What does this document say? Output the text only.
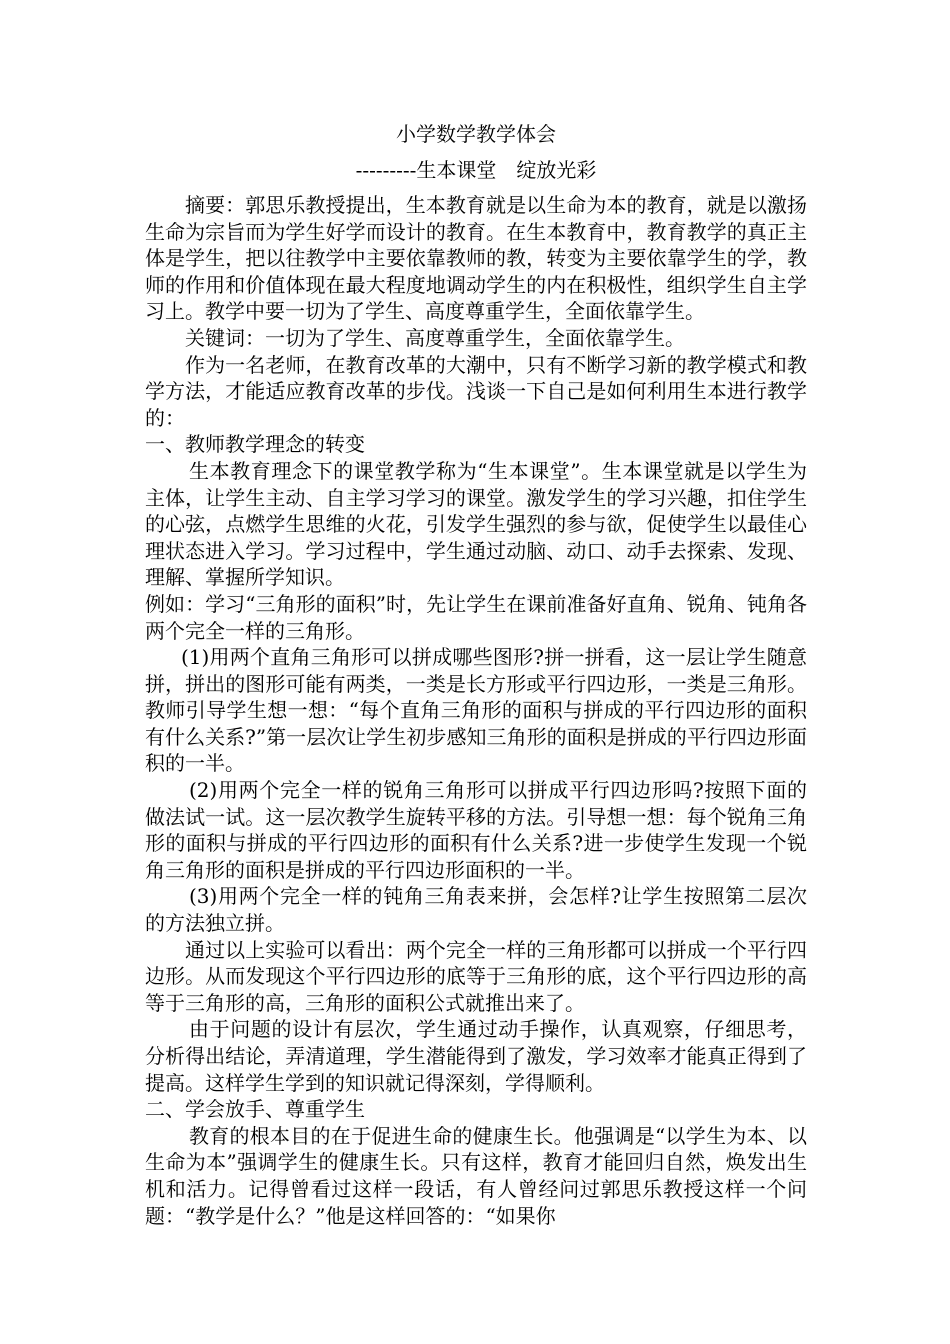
小学数学教学体会

---------生本课堂　绽放光彩

摘要：郭思乐教授提出，生本教育就是以生命为本的教育，就是以激扬生命为宗旨而为学生好学而设计的教育。在生本教育中，教育教学的真正主体是学生，把以往教学中主要依靠教师的教，转变为主要依靠学生的学，教师的作用和价值体现在最大程度地调动学生的内在积极性，组织学生自主学习上。教学中要一切为了学生、高度尊重学生，全面依靠学生。

关键词：一切为了学生、高度尊重学生，全面依靠学生。

作为一名老师，在教育改革的大潮中，只有不断学习新的教学模式和教学方法，才能适应教育改革的步伐。浅谈一下自己是如何利用生本进行教学的：

一、教师教学理念的转变

生本教育理念下的课堂教学称为“生本课堂”。生本课堂就是以学生为主体，让学生主动、自主学习学习的课堂。激发学生的学习兴趣，扣住学生的心弦，点燃学生思维的火花，引发学生强烈的参与欲，促使学生以最佳心理状态进入学习。学习过程中，学生通过动脑、动口、动手去探索、发现、理解、掌握所学知识。

例如：学习“三角形的面积”时，先让学生在课前准备好直角、锐角、钝角各两个完全一样的三角形。

(1)用两个直角三角形可以拼成哪些图形?拼一拼看，这一层让学生随意拼，拼出的图形可能有两类，一类是长方形或平行四边形，一类是三角形。教师引导学生想一想：“每个直角三角形的面积与拼成的平行四边形的面积有什么关系?”第一层次让学生初步感知三角形的面积是拼成的平行四边形面积的一半。

(2)用两个完全一样的锐角三角形可以拼成平行四边形吗?按照下面的做法试一试。这一层次教学生旋转平移的方法。引导想一想：每个锐角三角形的面积与拼成的平行四边形的面积有什么关系?进一步使学生发现一个锐角三角形的面积是拼成的平行四边形面积的一半。

(3)用两个完全一样的钝角三角表来拼，会怎样?让学生按照第二层次的方法独立拼。

通过以上实验可以看出：两个完全一样的三角形都可以拼成一个平行四边形。从而发现这个平行四边形的底等于三角形的底，这个平行四边形的高等于三角形的高，三角形的面积公式就推出来了。

由于问题的设计有层次，学生通过动手操作，认真观察，仔细思考，分析得出结论，弄清道理，学生潜能得到了激发，学习效率才能真正得到了提高。这样学生学到的知识就记得深刻，学得顺利。

二、学会放手、尊重学生

教育的根本目的在于促进生命的健康生长。他强调是“以学生为本、以生命为本”强调学生的健康生长。只有这样，教育才能回归自然，焕发出生机和活力。记得曾看过这样一段话，有人曾经问过郭思乐教授这样一个问题：“教学是什么？”他是这样回答的：“如果你
